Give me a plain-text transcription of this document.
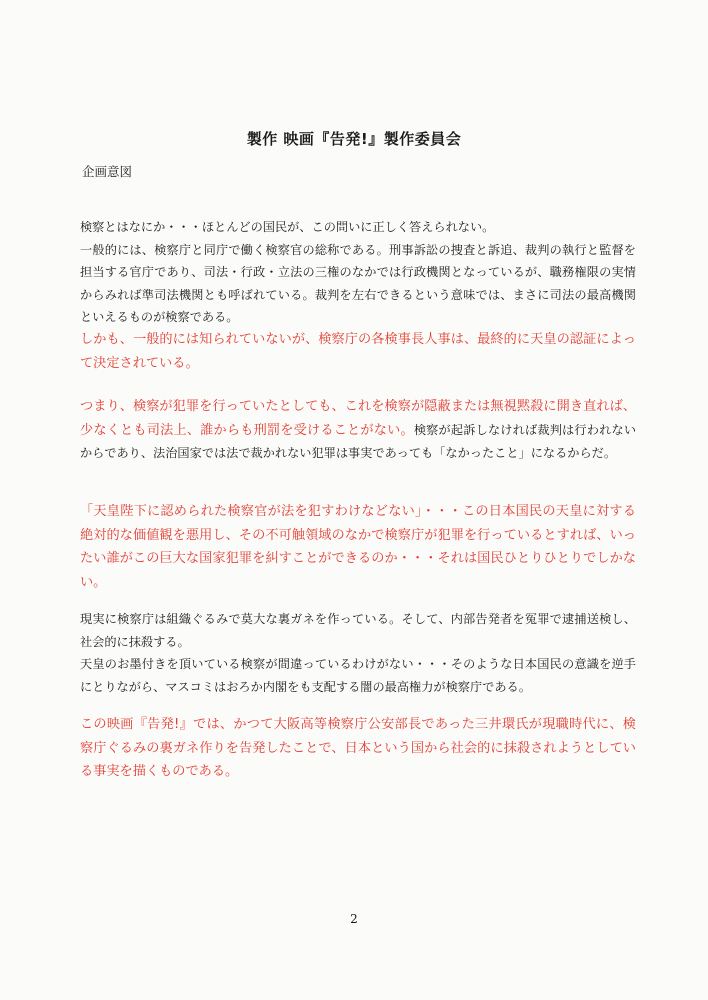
製作 映画『告発!』製作委員会
企画意図

検察とはなにか・・・ほとんどの国民が、この問いに正しく答えられない。
一般的には、検察庁と同庁で働く検察官の総称である。刑事訴訟の捜査と訴追、裁判の執行と監督を担当する官庁であり、司法・行政・立法の三権のなかでは行政機関となっているが、職務権限の実情からみれば準司法機関とも呼ばれている。裁判を左右できるという意味では、まさに司法の最高機関といえるものが検察である。

しかも、一般的には知られていないが、検察庁の各検事長人事は、最終的に天皇の認証によって決定されている。

つまり、検察が犯罪を行っていたとしても、これを検察が隠蔽または無視黙殺に開き直れば、少なくとも司法上、誰からも刑罰を受けることがない。検察が起訴しなければ裁判は行われないからであり、法治国家では法で裁かれない犯罪は事実であっても「なかったこと」になるからだ。

「天皇陛下に認められた検察官が法を犯すわけなどない」・・・この日本国民の天皇に対する絶対的な価値観を悪用し、その不可触領域のなかで検察庁が犯罪を行っているとすれば、いったい誰がこの巨大な国家犯罪を糾すことができるのか・・・それは国民ひとりひとりでしかない。

現実に検察庁は組織ぐるみで莫大な裏ガネを作っている。そして、内部告発者を冤罪で逮捕送検し、社会的に抹殺する。
天皇のお墨付きを頂いている検察が間違っているわけがない・・・そのような日本国民の意識を逆手にとりながら、マスコミはおろか内閣をも支配する闇の最高権力が検察庁である。

この映画『告発!』では、かつて大阪高等検察庁公安部長であった三井環氏が現職時代に、検察庁ぐるみの裏ガネ作りを告発したことで、日本という国から社会的に抹殺されようとしている事実を描くものである。

2
